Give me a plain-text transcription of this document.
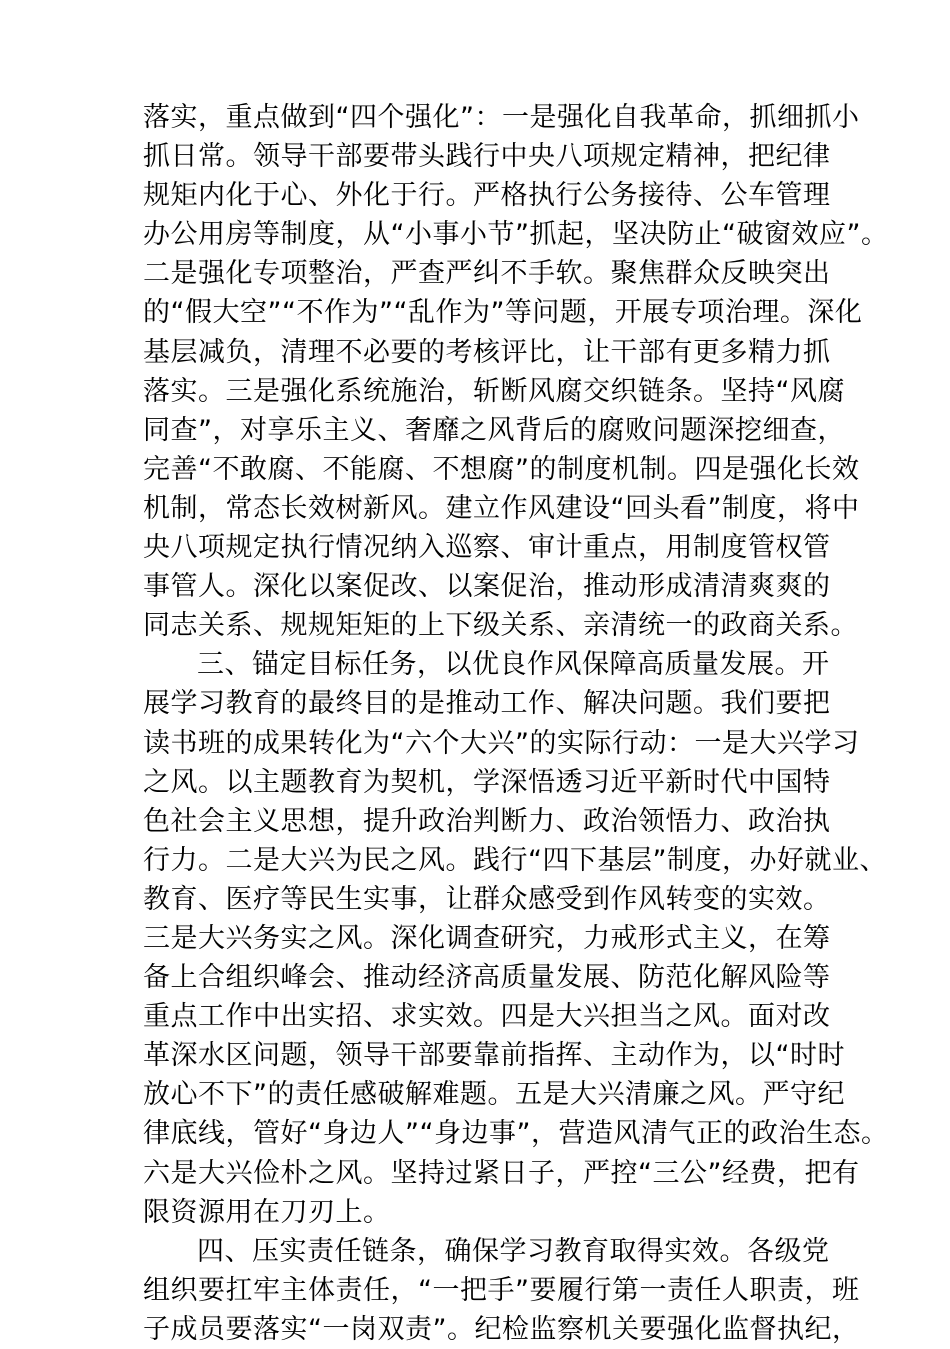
落实，重点做到“四个强化”：一是强化自我革命，抓细抓小
抓日常。领导干部要带头践行中央八项规定精神，把纪律
规矩内化于心、外化于行。严格执行公务接待、公车管理
办公用房等制度，从“小事小节”抓起，坚决防止“破窗效应”。
二是强化专项整治，严查严纠不手软。聚焦群众反映突出
的“假大空”“不作为”“乱作为”等问题，开展专项治理。深化
基层减负，清理不必要的考核评比，让干部有更多精力抓
落实。三是强化系统施治，斩断风腐交织链条。坚持“风腐
同查”，对享乐主义、奢靡之风背后的腐败问题深挖细查，
完善“不敢腐、不能腐、不想腐”的制度机制。四是强化长效
机制，常态长效树新风。建立作风建设“回头看”制度，将中
央八项规定执行情况纳入巡察、审计重点，用制度管权管
事管人。深化以案促改、以案促治，推动形成清清爽爽的
同志关系、规规矩矩的上下级关系、亲清统一的政商关系。
三、锚定目标任务，以优良作风保障高质量发展。开
展学习教育的最终目的是推动工作、解决问题。我们要把
读书班的成果转化为“六个大兴”的实际行动：一是大兴学习
之风。以主题教育为契机，学深悟透习近平新时代中国特
色社会主义思想，提升政治判断力、政治领悟力、政治执
行力。二是大兴为民之风。践行“四下基层”制度，办好就业、
教育、医疗等民生实事，让群众感受到作风转变的实效。
三是大兴务实之风。深化调查研究，力戒形式主义，在筹
备上合组织峰会、推动经济高质量发展、防范化解风险等
重点工作中出实招、求实效。四是大兴担当之风。面对改
革深水区问题，领导干部要靠前指挥、主动作为，以“时时
放心不下”的责任感破解难题。五是大兴清廉之风。严守纪
律底线，管好“身边人”“身边事”，营造风清气正的政治生态。
六是大兴俭朴之风。坚持过紧日子，严控“三公”经费，把有
限资源用在刀刃上。
四、压实责任链条，确保学习教育取得实效。各级党
组织要扛牢主体责任，“一把手”要履行第一责任人职责，班
子成员要落实“一岗双责”。纪检监察机关要强化监督执纪，
